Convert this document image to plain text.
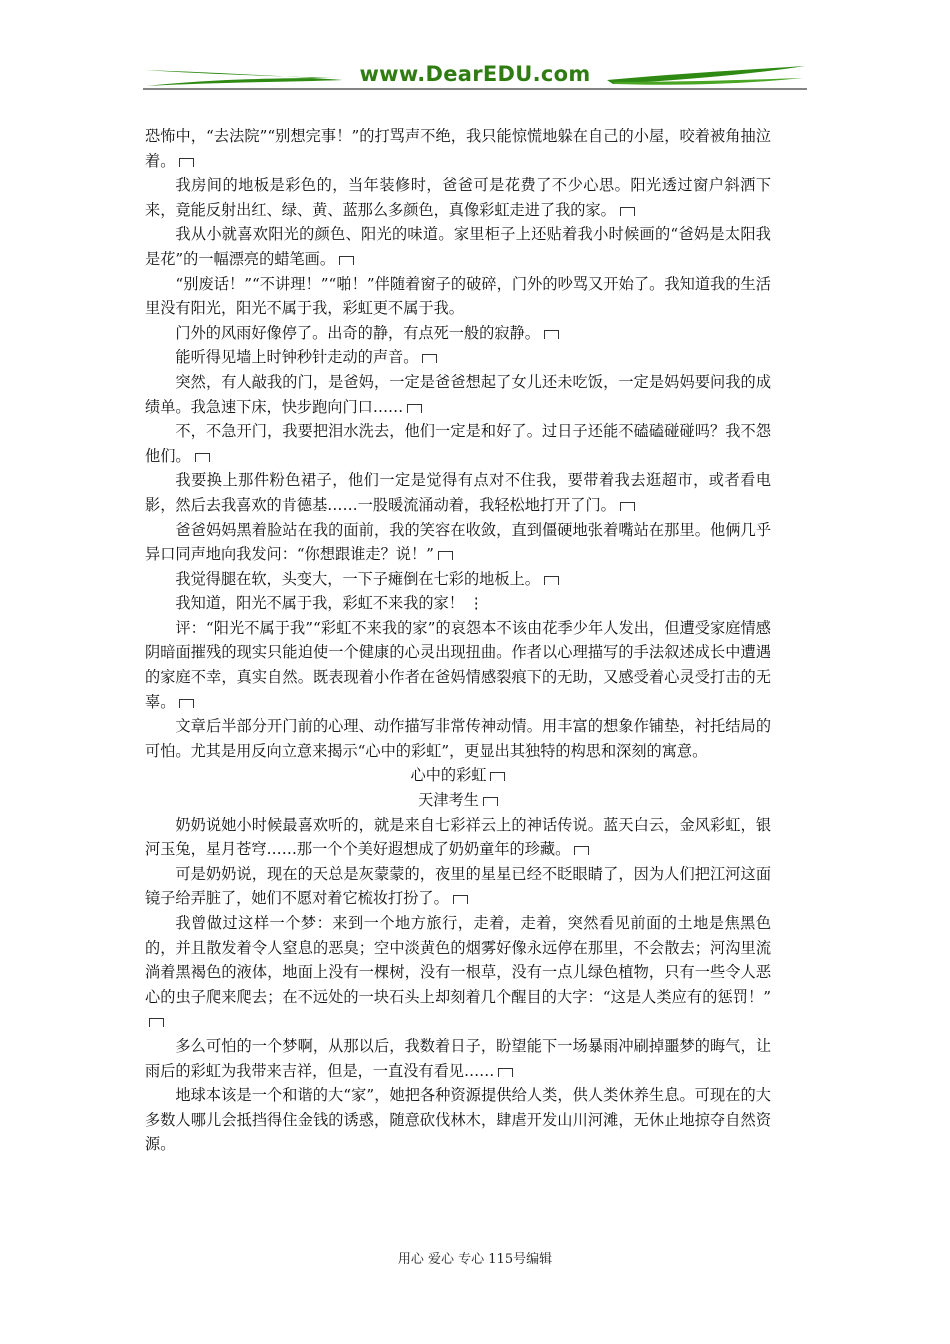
www.DearEDU.com

恐怖中，“去法院”“别想完事！”的打骂声不绝，我只能惊慌地躲在自己的小屋，咬着被角抽泣着。

我房间的地板是彩色的，当年装修时，爸爸可是花费了不少心思。阳光透过窗户斜洒下来，竟能反射出红、绿、黄、蓝那么多颜色，真像彩虹走进了我的家。

我从小就喜欢阳光的颜色、阳光的味道。家里柜子上还贴着我小时候画的“爸妈是太阳我是花”的一幅漂亮的蜡笔画。

“别废话！”“不讲理！”“啪！”伴随着窗子的破碎，门外的吵骂又开始了。我知道我的生活里没有阳光，阳光不属于我，彩虹更不属于我。

门外的风雨好像停了。出奇的静，有点死一般的寂静。

能听得见墙上时钟秒针走动的声音。

突然，有人敲我的门，是爸妈，一定是爸爸想起了女儿还未吃饭，一定是妈妈要问我的成绩单。我急速下床，快步跑向门口……

不，不急开门，我要把泪水洗去，他们一定是和好了。过日子还能不磕磕碰碰吗？我不怨他们。

我要换上那件粉色裙子，他们一定是觉得有点对不住我，要带着我去逛超市，或者看电影，然后去我喜欢的肯德基……一股暖流涌动着，我轻松地打开了门。

爸爸妈妈黑着脸站在我的面前，我的笑容在收敛，直到僵硬地张着嘴站在那里。他俩几乎异口同声地向我发问：“你想跟谁走？说！”

我觉得腿在软，头变大，一下子瘫倒在七彩的地板上。

我知道，阳光不属于我，彩虹不来我的家！ ⋮

评：“阳光不属于我”“彩虹不来我的家”的哀怨本不该由花季少年人发出，但遭受家庭情感阴暗面摧残的现实只能迫使一个健康的心灵出现扭曲。作者以心理描写的手法叙述成长中遭遇的家庭不幸，真实自然。既表现着小作者在爸妈情感裂痕下的无助，又感受着心灵受打击的无辜。

文章后半部分开门前的心理、动作描写非常传神动情。用丰富的想象作铺垫，衬托结局的可怕。尤其是用反向立意来揭示“心中的彩虹”，更显出其独特的构思和深刻的寓意。

心中的彩虹

天津考生

奶奶说她小时候最喜欢听的，就是来自七彩祥云上的神话传说。蓝天白云，金风彩虹，银河玉兔，星月苍穹……那一个个美好遐想成了奶奶童年的珍藏。

可是奶奶说，现在的天总是灰蒙蒙的，夜里的星星已经不眨眼睛了，因为人们把江河这面镜子给弄脏了，她们不愿对着它梳妆打扮了。

我曾做过这样一个梦：来到一个地方旅行，走着，走着，突然看见前面的土地是焦黑色的，并且散发着令人窒息的恶臭；空中淡黄色的烟雾好像永远停在那里，不会散去；河沟里流淌着黑褐色的液体，地面上没有一棵树，没有一根草，没有一点儿绿色植物，只有一些令人恶心的虫子爬来爬去；在不远处的一块石头上却刻着几个醒目的大字：“这是人类应有的惩罚！”

多么可怕的一个梦啊，从那以后，我数着日子，盼望能下一场暴雨冲刷掉噩梦的晦气，让雨后的彩虹为我带来吉祥，但是，一直没有看见……

地球本该是一个和谐的大“家”，她把各种资源提供给人类，供人类休养生息。可现在的大多数人哪儿会抵挡得住金钱的诱惑，随意砍伐林木，肆虐开发山川河滩，无休止地掠夺自然资源。

用心 爱心 专心 115号编辑
